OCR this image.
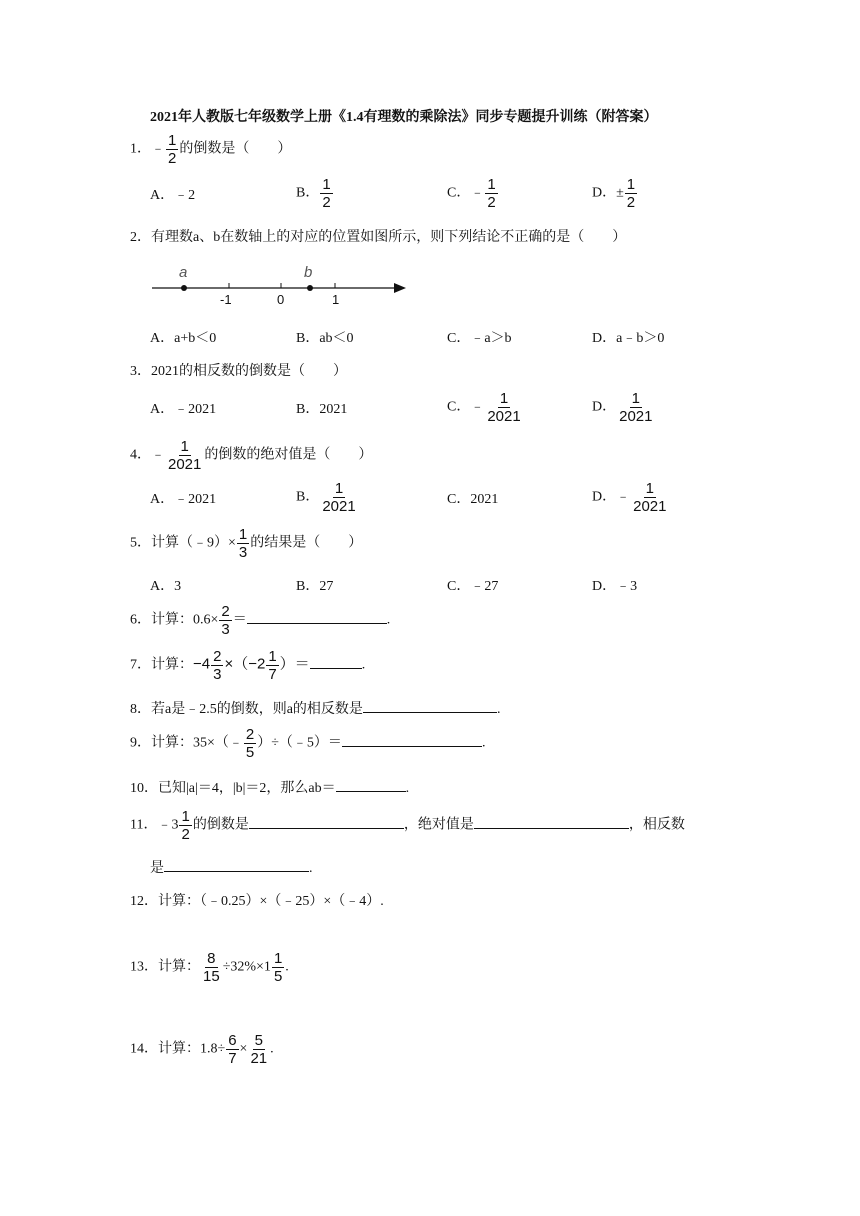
2021年人教版七年级数学上册《1.4有理数的乘除法》同步专题提升训练（附答案）
1．﹣ $\frac{1}{2}$ 的倒数是（　　）
A．﹣2	B． $\frac{1}{2}$	C．﹣ $\frac{1}{2}$	D．± $\frac{1}{2}$
2．有理数a、b在数轴上的对应的位置如图所示，则下列结论不正确的是（　　）
a	b
-1	0	1
A．a+b＜0	B．ab＜0	C．﹣a＞b	D．a﹣b＞0
3．2021的相反数的倒数是（　　）
A．﹣2021	B．2021	C．﹣ $\frac{1}{2021}$	D． $\frac{1}{2021}$
4．﹣ $\frac{1}{2021}$ 的倒数的绝对值是（　　）
A．﹣2021	B． $\frac{1}{2021}$	C．2021	D．﹣ $\frac{1}{2021}$
5．计算（﹣9）× $\frac{1}{3}$ 的结果是（　　）
A．3	B．27	C．﹣27	D．﹣3
6．计算：$0.6\times \frac{2}{3}$ ＝	.
7．计算：$-4 \frac{2}{3} \times(-2 \frac{1}{7}$ ）＝	.
8．若a是﹣2.5的倒数，则a的相反数是	.
9．计算：35×（﹣ $\frac{2}{5}$ ）÷（﹣5）＝	.
10．已知|a|＝4，|b|＝2，那么ab＝	.
11．﹣3 $\frac{1}{2}$ 的倒数是	，绝对值是	，相反数
是	.
12．计算：（﹣0.25）×（﹣25）×（﹣4）.
13．计算： $\frac{8}{15} \div 32\%\times 1 \frac{1}{5}$ .
14．计算：$1.8\div \frac{6}{7} \times \frac{5}{21}$ .
